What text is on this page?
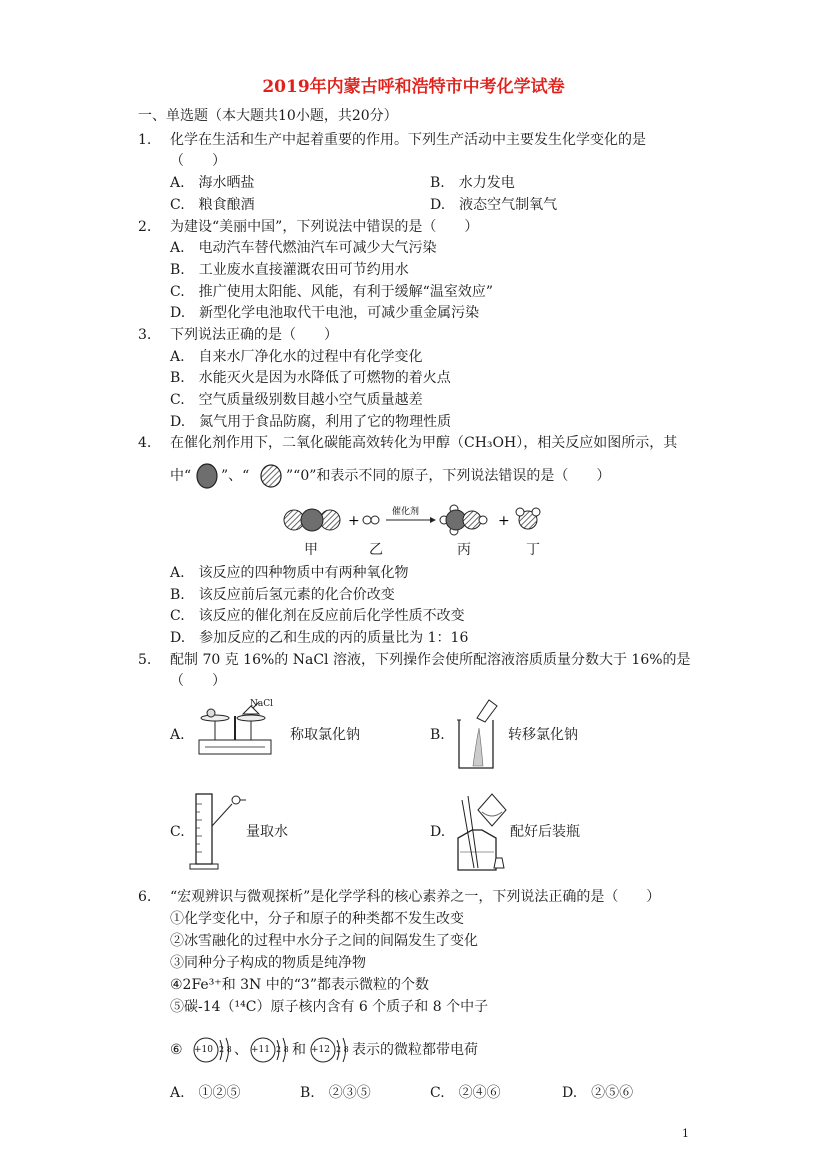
2019年内蒙古呼和浩特市中考化学试卷
一、单选题（本大题共10小题，共20分）
1. 化学在生活和生产中起着重要的作用。下列生产活动中主要发生化学变化的是
（　　）
A.　海水晒盐	B.　水力发电
C.　粮食酿酒	D.　液态空气制氧气
2. 为建设“美丽中国”，下列说法中错误的是（　　）
A.　电动汽车替代燃油汽车可减少大气污染
B.　工业废水直接灌溉农田可节约用水
C.　推广使用太阳能、风能，有利于缓解“温室效应”
D.　新型化学电池取代干电池，可减少重金属污染
3. 下列说法正确的是（　　）
A.　自来水厂净化水的过程中有化学变化
B.　水能灭火是因为水降低了可燃物的着火点
C.　空气质量级别数目越小空气质量越差
D.　氮气用于食品防腐，利用了它的物理性质
4. 在催化剂作用下，二氧化碳能高效转化为甲醇（CH₃OH），相关反应如图所示，其
中“ ”、“	”“0”和表示不同的原子，下列说法错误的是（　　）
+
催化剂
+
甲	乙	丙	丁
A.　该反应的四种物质中有两种氧化物
B.　该反应前后氢元素的化合价改变
C.　该反应的催化剂在反应前后化学性质不改变
D.　参加反应的乙和生成的丙的质量比为 1：16
5. 配制 70 克 16%的 NaCl 溶液，下列操作会使所配溶液溶质质量分数大于 16%的是
（　　）
A.
NaCl
称取氯化钠	B.	转移氯化钠
C.	量取水	D.	配好后装瓶
6. “宏观辨识与微观探析”是化学学科的核心素养之一，下列说法正确的是（　　）
①化学变化中，分子和原子的种类都不发生改变
②冰雪融化的过程中水分子之间的间隔发生了变化
③同种分子构成的物质是纯净物
④2Fe³⁺和 3N 中的“3”都表示微粒的个数
⑤碳-14（¹⁴C）原子核内含有 6 个质子和 8 个中子
⑥ +10 2 8 、 +11 2 8 和 +12 2 8 表示的微粒都带电荷
A.　①②⑤	B.　②③⑤	C.　②④⑥	D.　②⑤⑥
1
